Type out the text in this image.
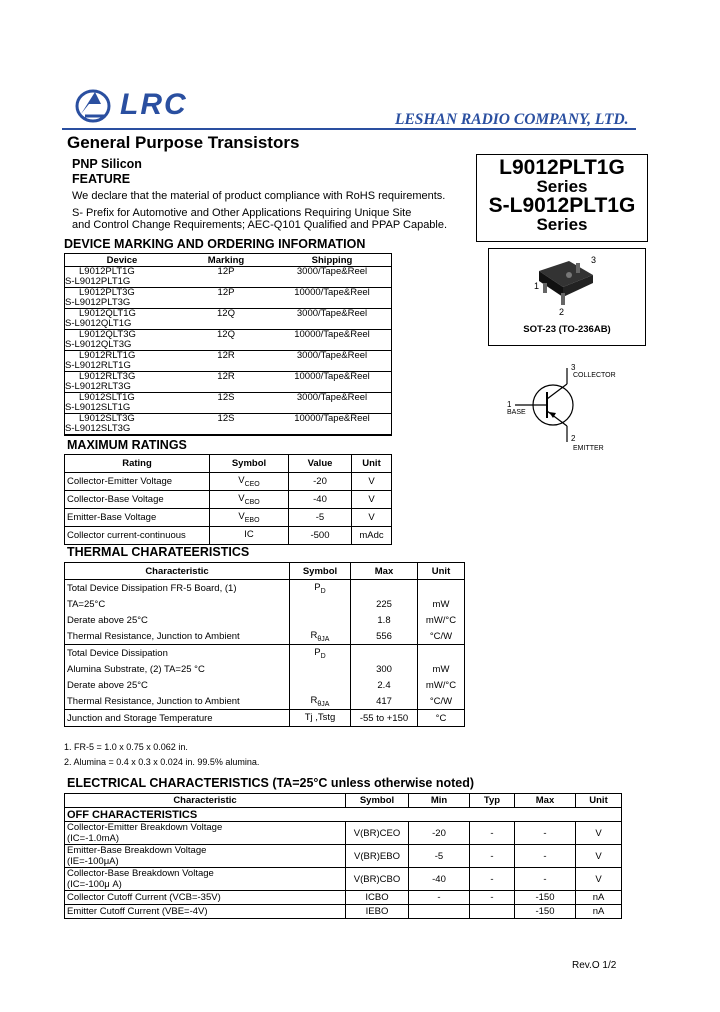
LRC	LESHAN RADIO COMPANY, LTD.
General Purpose Transistors
PNP Silicon
FEATURE
We declare that the material of product compliance with RoHS requirements.
S- Prefix for Automotive and Other Applications Requiring Unique Site
and Control Change Requirements; AEC-Q101 Qualified and PPAP Capable.
L9012PLT1G
Series
S-L9012PLT1G
Series
3
1
2
SOT-23 (TO-236AB)
3
COLLECTOR
1
BASE
2
EMITTER
DEVICE MARKING AND ORDERING INFORMATION
Device	Marking	Shipping
L9012PLT1G	12P	3000/Tape&Reel
S-L9012PLT1G		
L9012PLT3G	12P	10000/Tape&Reel
S-L9012PLT3G		
L9012QLT1G	12Q	3000/Tape&Reel
S-L9012QLT1G		
L9012QLT3G	12Q	10000/Tape&Reel
S-L9012QLT3G		
L9012RLT1G	12R	3000/Tape&Reel
S-L9012RLT1G		
L9012RLT3G	12R	10000/Tape&Reel
S-L9012RLT3G		
L9012SLT1G	12S	3000/Tape&Reel
S-L9012SLT1G		
L9012SLT3G	12S	10000/Tape&Reel
S-L9012SLT3G		
MAXIMUM RATINGS
Rating	Symbol	Value	Unit
Collector-Emitter Voltage	$V_{CEO}$	-20	V
Collector-Base Voltage	$V_{CBO}$	-40	V
Emitter-Base Voltage	$V_{EBO}$	-5	V
Collector current-continuous	IC	-500	mAdc
THERMAL CHARATEERISTICS
Characteristic	Symbol	Max	Unit
Total Device Dissipation FR-5 Board, (1)	$P_D$		
TA=25°C		225	mW
Derate above 25°C		1.8	mW/°C
Thermal Resistance, Junction to Ambient	$R_{\theta JA}$	556	°C/W
Total Device Dissipation	$P_D$		
Alumina Substrate, (2) TA=25 °C		300	mW
Derate above 25°C		2.4	mW/°C
Thermal Resistance, Junction to Ambient	$R_{\theta JA}$	417	°C/W
Junction and Storage Temperature	Tj ,Tstg	-55 to +150	°C
1. FR-5 = 1.0 x 0.75 x 0.062 in.
2. Alumina = 0.4 x 0.3 x 0.024 in. 99.5% alumina.
ELECTRICAL CHARACTERISTICS (TA=25°C unless otherwise noted)
Characteristic	Symbol	Min	Typ	Max	Unit
OFF CHARACTERISTICS					

Collector-Emitter Breakdown Voltage
(IC=-1.0mA)	V(BR)CEO	-20	-	-	V

Emitter-Base Breakdown Voltage
(IE=-100μA)	V(BR)EBO	-5	-	-	V

Collector-Base Breakdown Voltage
(IC=-100μ A)	V(BR)CBO	-40	-	-	V

Collector Cutoff Current (VCB=-35V)	ICBO	-	-	-150	nA

Emitter Cutoff Current (VBE=-4V)	IEBO			-150	nA
Rev.O 1/2
